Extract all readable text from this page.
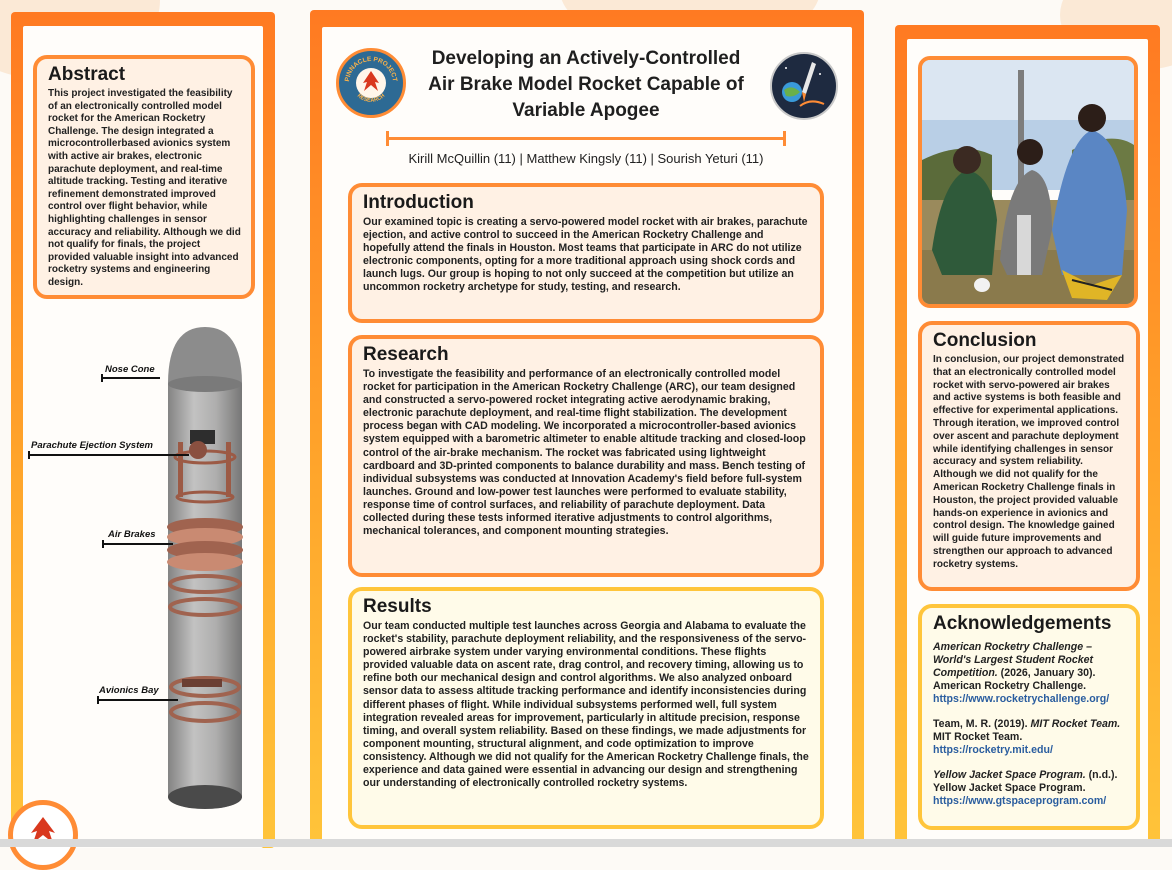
Abstract

This project investigated the feasibility of an electronically controlled model rocket for the American Rocketry Challenge. The design integrated a microcontrollerbased avionics system with active air brakes, electronic parachute deployment, and real-time altitude tracking. Testing and iterative refinement demonstrated improved control over flight behavior, while highlighting challenges in sensor accuracy and reliability. Although we did not qualify for finals, the project provided valuable insight into advanced rocketry systems and engineering design.

Nose Cone
Parachute Ejection System
Air Brakes
Avionics Bay
PINNACLE PROJECT
RESEARCH
Developing an Actively-Controlled
Air Brake Model Rocket Capable of
Variable Apogee
Kirill McQuillin (11) | Matthew Kingsly (11) | Sourish Yeturi (11)
Introduction

Our examined topic is creating a servo-powered model rocket with air brakes, parachute ejection, and active control to succeed in the American Rocketry Challenge and hopefully attend the finals in Houston. Most teams that participate in ARC do not utilize electronic components, opting for a more traditional approach using shock cords and launch lugs. Our group is hoping to not only succeed at the competition but utilize an uncommon rocketry archetype for study, testing, and research.

Research

To investigate the feasibility and performance of an electronically controlled model rocket for participation in the American Rocketry Challenge (ARC), our team designed and constructed a servo-powered rocket integrating active aerodynamic braking, electronic parachute deployment, and real-time flight stabilization. The development process began with CAD modeling. We incorporated a microcontroller-based avionics system equipped with a barometric altimeter to enable altitude tracking and closed-loop control of the air-brake mechanism. The rocket was fabricated using lightweight cardboard and 3D-printed components to balance durability and mass. Bench testing of individual subsystems was conducted at Innovation Academy's field before full-system launches. Ground and low-power test launches were performed to evaluate stability, response time of control surfaces, and reliability of parachute deployment. Data collected during these tests informed iterative adjustments to control algorithms, mechanical tolerances, and component mounting strategies.

Results

Our team conducted multiple test launches across Georgia and Alabama to evaluate the rocket's stability, parachute deployment reliability, and the responsiveness of the servo-powered airbrake system under varying environmental conditions. These flights provided valuable data on ascent rate, drag control, and recovery timing, allowing us to refine both our mechanical design and control algorithms. We also analyzed onboard sensor data to assess altitude tracking performance and identify inconsistencies during different phases of flight. While individual subsystems performed well, full system integration revealed areas for improvement, particularly in altitude precision, response timing, and overall system reliability. Based on these findings, we made adjustments for component mounting, structural alignment, and code optimization to improve consistency. Although we did not qualify for the American Rocketry Challenge finals, the experience and data gained were essential in advancing our design and strengthening our understanding of electronically controlled rocketry systems.

Conclusion

In conclusion, our project demonstrated that an electronically controlled model rocket with servo-powered air brakes and active systems is both feasible and effective for experimental applications. Through iteration, we improved control over ascent and parachute deployment while identifying challenges in sensor accuracy and system reliability. Although we did not qualify for the American Rocketry Challenge finals in Houston, the project provided valuable hands-on experience in avionics and control design. The knowledge gained will guide future improvements and strengthen our approach to advanced rocketry systems.

Acknowledgements
American Rocketry Challenge – World's Largest Student Rocket Competition. (2026, January 30). American Rocketry Challenge.
https://www.rocketrychallenge.org/
Team, M. R. (2019). MIT Rocket Team. MIT Rocket Team.
https://rocketry.mit.edu/
Yellow Jacket Space Program. (n.d.). Yellow Jacket Space Program.
https://www.gtspaceprogram.com/
